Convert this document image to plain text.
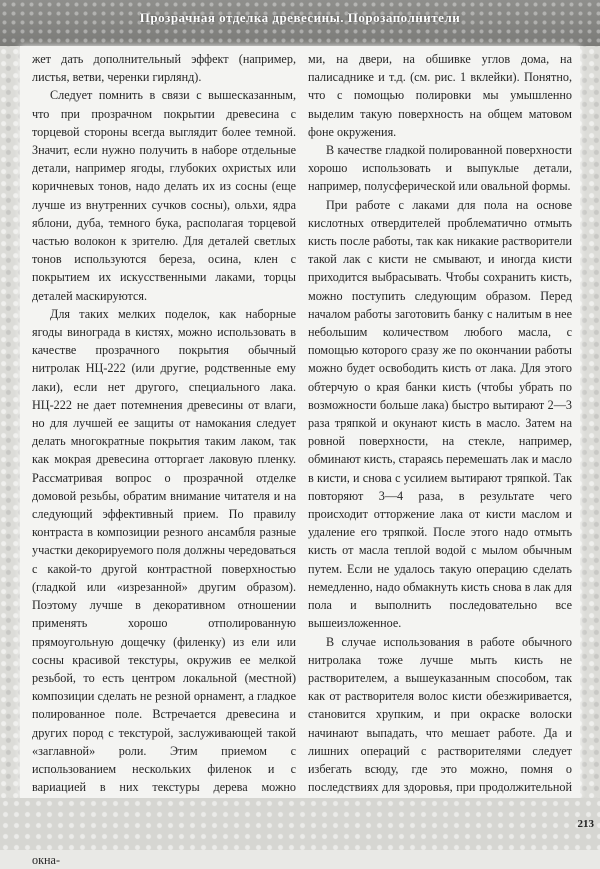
Прозрачная отделка древесины. Порозаполнители

жет дать дополнительный эффект (например, листья, ветви, черенки гирлянд).

Следует помнить в связи с вышесказанным, что при прозрачном покрытии древесина с торцевой стороны всегда выглядит более темной. Значит, если нужно получить в наборе отдельные детали, например ягоды, глубоких охристых или коричневых тонов, надо делать их из сосны (еще лучше из внутренних сучков сосны), ольхи, ядра яблони, дуба, темного бука, располагая торцевой частью волокон к зрителю. Для деталей светлых тонов используются береза, осина, клен с покрытием их искусственными лаками, торцы деталей маскируются.

Для таких мелких поделок, как наборные ягоды винограда в кистях, можно использовать в качестве прозрачного покрытия обычный нитролак НЦ-222 (или другие, родственные ему лаки), если нет другого, специального лака. НЦ-222 не дает потемнения древесины от влаги, но для лучшей ее защиты от намокания следует делать многократные покрытия таким лаком, так как мокрая древесина отторгает лаковую пленку. Рассматривая вопрос о прозрачной отделке домовой резьбы, обратим внимание читателя и на следующий эффективный прием. По правилу контраста в композиции резного ансамбля разные участки декорируемого поля должны чередоваться с какой-то другой контрастной поверхностью (гладкой или «изрезанной» другим образом). Поэтому лучше в декоративном отношении применять хорошо отполированную прямоугольную дощечку (филенку) из ели или сосны красивой текстуры, окружив ее мелкой резьбой, то есть центром локальной (местной) композиции сделать не резной орнамент, а гладкое полированное поле. Встречается древесина и других пород с текстурой, заслуживающей такой «заглавной» роли. Этим приемом с использованием нескольких филенок и с вариацией в них текстуры дерева можно окна-

ми, на двери, на обшивке углов дома, на палисаднике и т.д. (см. рис. 1 вклейки). Понятно, что с помощью полировки мы умышленно выделим такую поверхность на общем матовом фоне окружения.

В качестве гладкой полированной поверхности хорошо использовать и выпуклые детали, например, полусферической или овальной формы.

При работе с лаками для пола на основе кислотных отвердителей проблематично отмыть кисть после работы, так как никакие растворители такой лак с кисти не смывают, и иногда кисти приходится выбрасывать. Чтобы сохранить кисть, можно поступить следующим образом. Перед началом работы заготовить банку с налитым в нее небольшим количеством любого масла, с помощью которого сразу же по окончании работы можно будет освободить кисть от лака. Для этого обтерчую о края банки кисть (чтобы убрать по возможности больше лака) быстро вытирают 2—3 раза тряпкой и окунают кисть в масло. Затем на ровной поверхности, на стекле, например, обминают кисть, стараясь перемешать лак и масло в кисти, и снова с усилием вытирают тряпкой. Так повторяют 3—4 раза, в результате чего происходит отторжение лака от кисти маслом и удаление его тряпкой. После этого надо отмыть кисть от масла теплой водой с мылом обычным путем. Если не удалось такую операцию сделать немедленно, надо обмакнуть кисть снова в лак для пола и выполнить последовательно все вышеизложенное.

В случае использования в работе обычного нитролака тоже лучше мыть кисть не растворителем, а вышеуказанным способом, так как от растворителя волос кисти обезжиривается, становится хрупким, и при окраске волоски начинают выпадать, что мешает работе. Да и лишних операций с растворителями следует избегать всюду, где это можно, помня о последствиях для здоровья, при продолжительной

213
